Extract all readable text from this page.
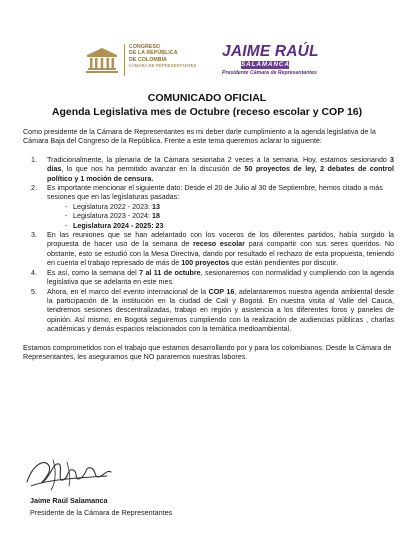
CONGRESO
DE LA REPÚBLICA
DE COLOMBIA
CÁMARA DE REPRESENTANTES
JAIME RAÚL
SALAMANCA
Presidente Cámara de Representantes
COMUNICADO OFICIAL
Agenda Legislativa mes de Octubre (receso escolar y COP 16)

Como presidente de la Cámara de Representantes es mi deber darle cumplimiento a la agenda legislativa de la Cámara Baja del Congreso de la República. Frente a este tema queremos aclarar lo siguiente:

1. Tradicionalmente, la plenaria de la Cámara sesionaba 2 veces a la semana. Hoy, estamos sesionando 3 días, lo que nos ha permitido avanzar en la discusión de 50 proyectos de ley, 2 debates de control político y 1 moción de censura.
2. Es importante mencionar el siguiente dato: Desde el 20 de Julio al 30 de Septiembre, hemos citado a más sesiones que en las legislaturas pasadas:
- Legislatura 2022 - 2023: 13
- Legislatura 2023 - 2024: 18
- Legislatura 2024 - 2025: 23
3. En las reuniones que se han adelantado con los voceros de los diferentes partidos, había surgido la propuesta de hacer uso de la semana de receso escolar para compartir con sus seres queridos. No obstante, esto se estudió con la Mesa Directiva, dando por resultado el rechazo de esta propuesta, teniendo en cuenta el trabajo represado de más de 100 proyectos que están pendientes por discutir.
4. Es así, como la semana del 7 al 11 de octubre, sesionaremos con normalidad y cumpliendo con la agenda legislativa que se adelanta en este mes.
5. Ahora, en el marco del evento internacional de la COP 16, adelantaremos nuestra agenda ambiental desde la participación de la institución en la ciudad de Cali y Bogotá. En nuestra visita al Valle del Cauca, tendremos sesiones descentralizadas, trabajo en región y asistencia a los diferentes foros y paneles de opinión. Así mismo, en Bogotá seguiremos cumpliendo con la realización de audiencias públicas , charlas académicas y demás espacios relacionados con la temática medioambiental.

Estamos comprometidos con el trabajo que estamos desarrollando por y para los colombianos. Desde la Cámara de Representantes, les aseguramos que NO pararemos nuestras labores.

Jaime Raúl Salamanca
Presidente de la Cámara de Representantes
